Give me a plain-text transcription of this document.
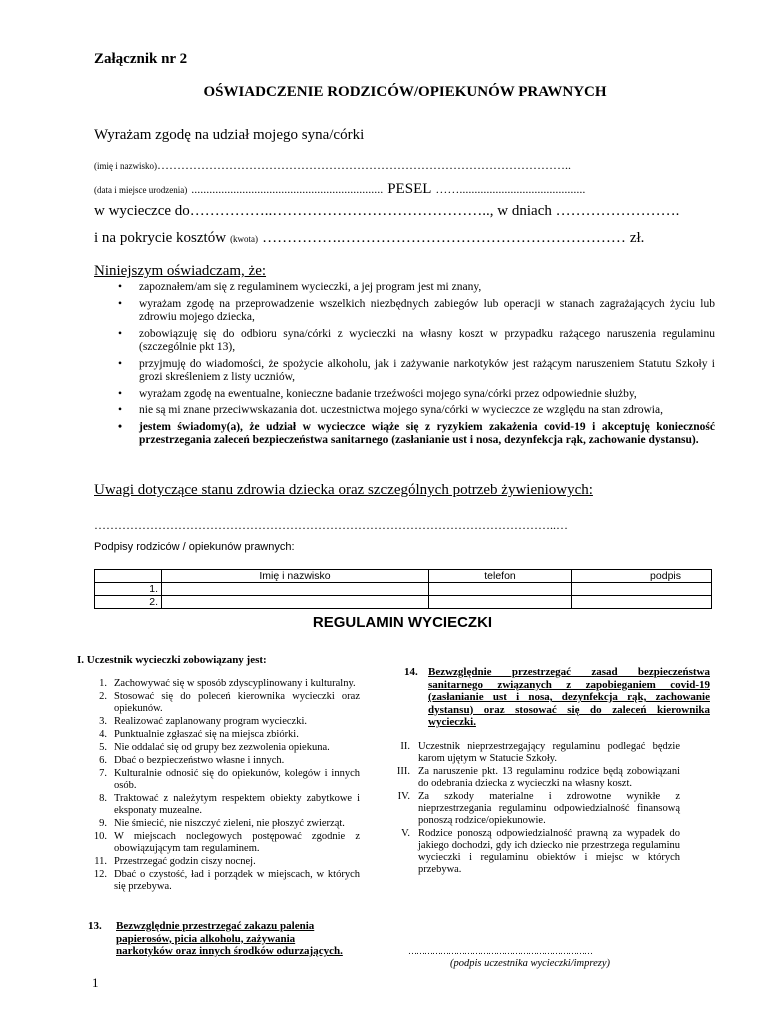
Załącznik nr 2
OŚWIADCZENIE RODZICÓW/OPIEKUNÓW PRAWNYCH
Wyrażam zgodę na udział mojego syna/córki
(imię i nazwisko)…………………………………………………………………………………………..
(data i miejsce urodzenia) ................................................................ PESEL ……..........................................
w wycieczce do……………..…………………………………….., w dniach …………………….
i na pokrycie kosztów (kwota) …………….………………………………………………… zł.
Niniejszym oświadczam, że:
• zapoznałem/am się z regulaminem wycieczki, a jej program jest mi znany,
• wyrażam zgodę na przeprowadzenie wszelkich niezbędnych zabiegów lub operacji w stanach zagrażających życiu lub zdrowiu mojego dziecka,
• zobowiązuję się do odbioru syna/córki z wycieczki na własny koszt w przypadku rażącego naruszenia regulaminu (szczególnie pkt 13),
• przyjmuję do wiadomości, że spożycie alkoholu, jak i zażywanie narkotyków jest rażącym naruszeniem Statutu Szkoły i grozi skreśleniem z listy uczniów,
• wyrażam zgodę na ewentualne, konieczne badanie trzeźwości mojego syna/córki przez odpowiednie służby,
• nie są mi znane przeciwwskazania dot. uczestnictwa mojego syna/córki w wycieczce ze względu na stan zdrowia,
• jestem świadomy(a), że udział w wycieczce wiąże się z ryzykiem zakażenia covid-19 i akceptuję konieczność przestrzegania zaleceń bezpieczeństwa sanitarnego (zasłanianie ust i nosa, dezynfekcja rąk, zachowanie dystansu).
Uwagi dotyczące stanu zdrowia dziecka oraz szczególnych potrzeb żywieniowych:
……………………………………………………………………………………………………..…
Podpisy rodziców / opiekunów prawnych:
	Imię i nazwisko	telefon	podpis
1.			
2.			
REGULAMIN WYCIECZKI
I. Uczestnik wycieczki zobowiązany jest:
1. Zachowywać się w sposób zdyscyplinowany i kulturalny.
2. Stosować się do poleceń kierownika wycieczki oraz opiekunów.
3. Realizować zaplanowany program wycieczki.
4. Punktualnie zgłaszać się na miejsca zbiórki.
5. Nie oddalać się od grupy bez zezwolenia opiekuna.
6. Dbać o bezpieczeństwo własne i innych.
7. Kulturalnie odnosić się do opiekunów, kolegów i innych osób.
8. Traktować z należytym respektem obiekty zabytkowe i eksponaty muzealne.
9. Nie śmiecić, nie niszczyć zieleni, nie płoszyć zwierząt.
10. W miejscach noclegowych postępować zgodnie z obowiązującym tam regulaminem.
11. Przestrzegać godzin ciszy nocnej.
12. Dbać o czystość, ład i porządek w miejscach, w których się przebywa.
13. Bezwzględnie przestrzegać zakazu palenia papierosów, picia alkoholu, zażywania narkotyków oraz innych środków odurzających.
14. Bezwzględnie przestrzegać zasad bezpieczeństwa sanitarnego związanych z zapobieganiem covid-19 (zasłanianie ust i nosa, dezynfekcja rąk, zachowanie dystansu) oraz stosować się do zaleceń kierownika wycieczki.
II. Uczestnik nieprzestrzegający regulaminu podlegać będzie karom ujętym w Statucie Szkoły.
III. Za naruszenie pkt. 13 regulaminu rodzice będą zobowiązani do odebrania dziecka z wycieczki na własny koszt.
IV. Za szkody materialne i zdrowotne wynikłe z nieprzestrzegania regulaminu odpowiedzialność finansową ponoszą rodzice/opiekunowie.
V. Rodzice ponoszą odpowiedzialność prawną za wypadek do jakiego dochodzi, gdy ich dziecko nie przestrzega regulaminu wycieczki i regulaminu obiektów i miejsc w których przebywa.
……………………………………………………………
(podpis uczestnika wycieczki/imprezy)
1
